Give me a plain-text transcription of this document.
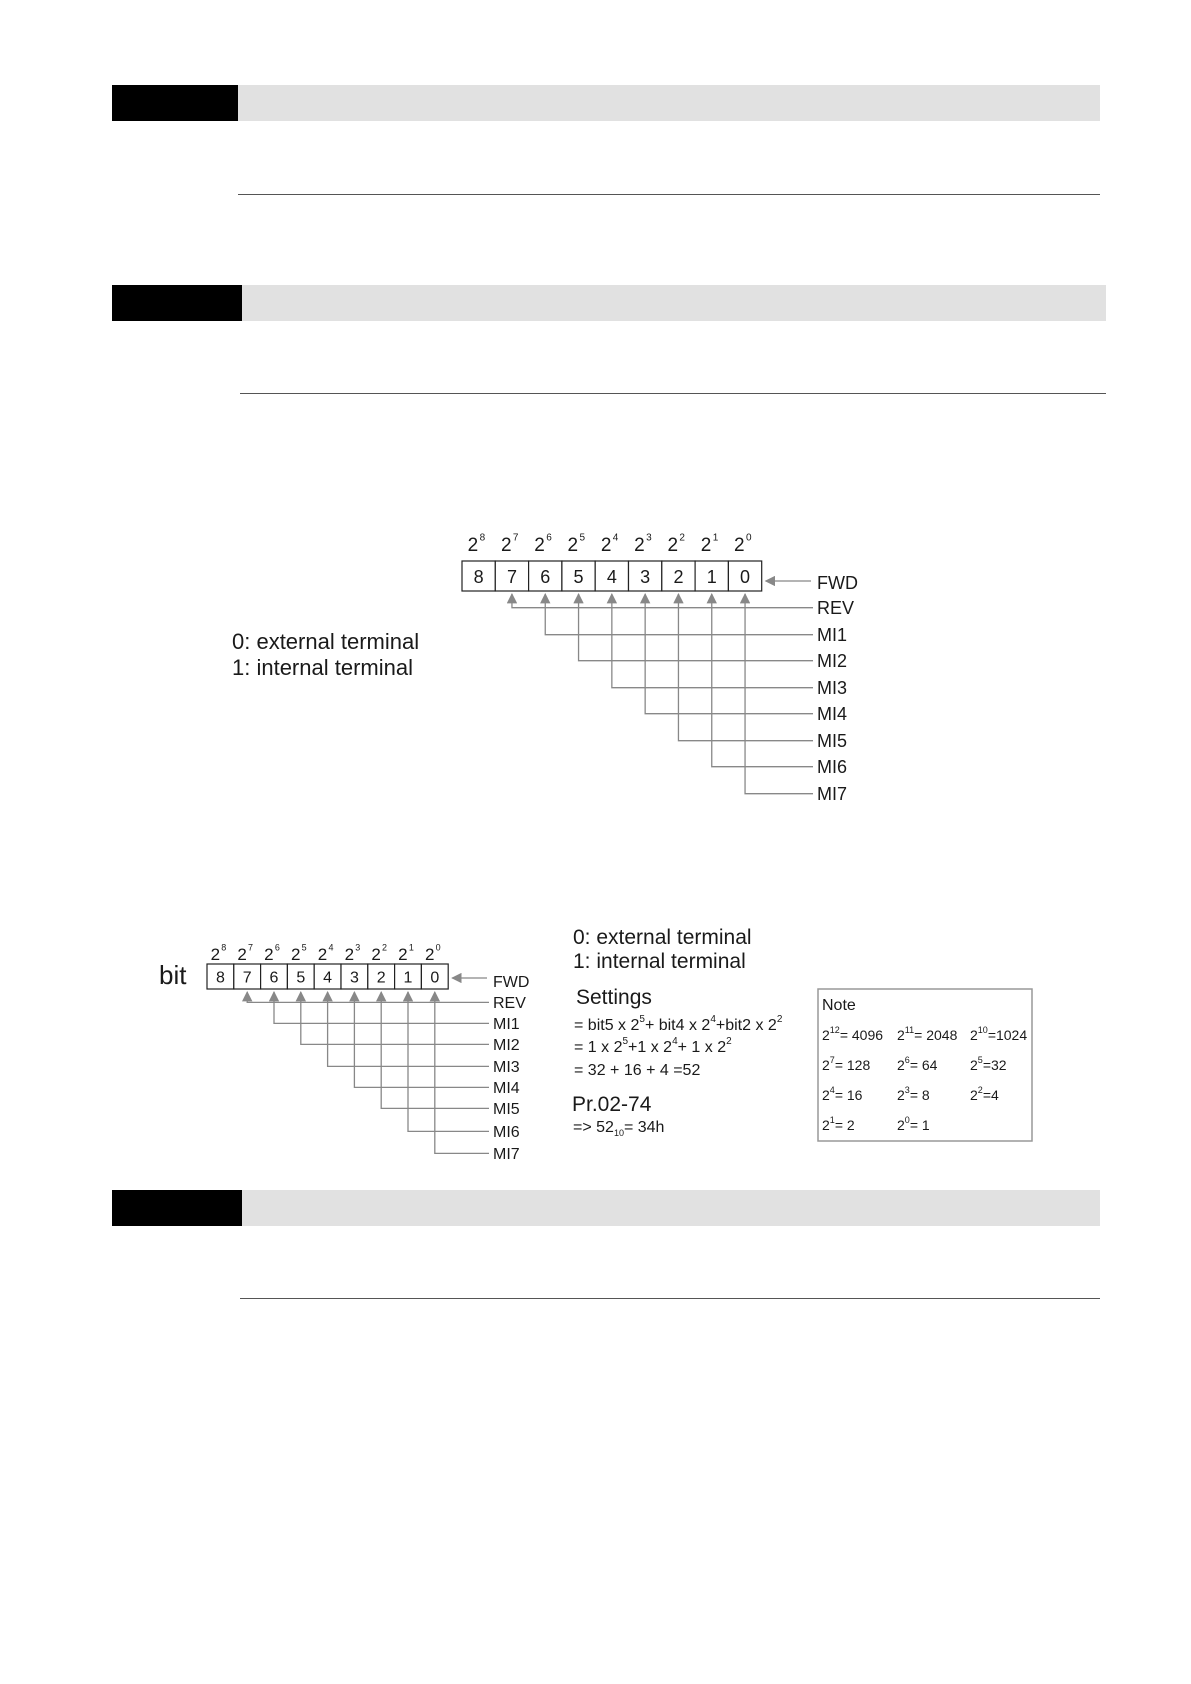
0: external terminal
1: internal terminal
2 8
8
2 7
7
2 6
6
2 5
5
2 4
4
2 3
3
2 2
2
2 1
1
2 0
0	FWD
REV
MI1
MI2
MI3
MI4
MI5
MI6
MI7
bit
2 8
8
2 7
7
2 6
6
2 5
5
2 4
4
2 3
3
2 2
2
2 1
1
2 0
0	FWD
REV
MI1
MI2
MI3
MI4
MI5
MI6
MI7
0: external terminal
1: internal terminal
Settings
= bit5 x $2^5+ bit4$ x $2^4+bit2$ x $2^2$
= 1 x $2^5+1$ x $2^4+ 1$ x $2^2$
= 32 + 16 + 4 =52
Pr.02-74
=> $52_{10}= 34h$
Note
$2^{12}= 4096$ $2^{11}= 2048$ $2^{10}=1024$
$2^7= 128$ $2^6= 64$ $2^5=32$
$2^4= 16$ $2^3= 8$	$2^2=4$
$2^1= 2$	$2^0= 1$
